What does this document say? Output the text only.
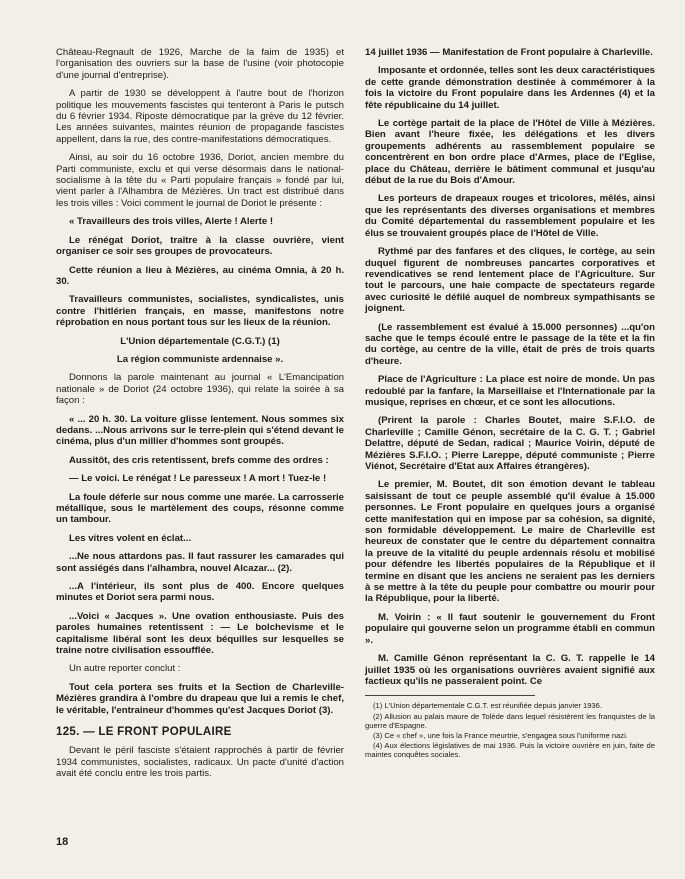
Château-Regnault de 1926, Marche de la faim de 1935) et l'organisation des ouvriers sur la base de l'usine (voir photocopie d'une journal d'entreprise).

A partir de 1930 se développent à l'autre bout de l'horizon politique les mouvements fascistes qui tenteront à Paris le putsch du 6 février 1934. Riposte démocratique par la grève du 12 février. Les années suivantes, maintes réunion de propagande fascistes appellent, dans la rue, des contre-manifestations démocratiques.

Ainsi, au soir du 16 octobre 1936, Doriot, ancien membre du Parti communiste, exclu et qui verse désormais dans le national-socialisme à la tête du « Parti populaire français » fondé par lui, vient parler à l'Alhambra de Mézières. Un tract est distribué dans les trois villes : Voici comment le journal de Doriot le présente :

« Travailleurs des trois villes, Alerte ! Alerte !

Le rénégat Doriot, traître à la classe ouvrière, vient organiser ce soir ses groupes de provocateurs.

Cette réunion a lieu à Mézières, au cinéma Omnia, à 20 h. 30.

Travailleurs communistes, socialistes, syndicalistes, unis contre l'hitlérien français, en masse, manifestons notre réprobation en nous portant tous sur les lieux de la réunion.

L'Union départementale (C.G.T.) (1)

La région communiste ardennaise ».

Donnons la parole maintenant au journal « L'Emancipation nationale » de Doriot (24 octobre 1936), qui relate la soirée à sa façon :

« ... 20 h. 30. La voiture glisse lentement. Nous sommes six dedans. ...Nous arrivons sur le terre-plein qui s'étend devant le cinéma, plus d'un millier d'hommes sont groupés.

Aussitôt, des cris retentissent, brefs comme des ordres :

— Le voici. Le rénégat ! Le paresseux ! A mort ! Tuez-le !

La foule déferle sur nous comme une marée. La carrosserie métallique, sous le martèlement des coups, résonne comme un tambour.

Les vitres volent en éclat...

...Ne nous attardons pas. Il faut rassurer les camarades qui sont assiégés dans l'alhambra, nouvel Alcazar... (2).

...A l'intérieur, ils sont plus de 400. Encore quelques minutes et Doriot sera parmi nous.

...Voici « Jacques ». Une ovation enthousiaste. Puis des paroles humaines retentissent : — Le bolchevisme et le capitalisme libéral sont les deux béquilles sur lesquelles se traine notre civilisation essoufflée.

Un autre reporter conclut :

Tout cela portera ses fruits et la Section de Charleville-Mézières grandira à l'ombre du drapeau que lui a remis le chef, le véritable, l'entraineur d'hommes qu'est Jacques Doriot (3).

125. — LE FRONT POPULAIRE

Devant le péril fasciste s'étaient rapprochés à partir de février 1934 communistes, socialistes, radicaux. Un pacte d'unité d'action avait été conclu entre les trois partis.

14 juillet 1936 — Manifestation de Front populaire à Charleville.

Imposante et ordonnée, telles sont les deux caractéristiques de cette grande démonstration destinée à commémorer à la fois la victoire du Front populaire dans les Ardennes (4) et la fête républicaine du 14 juillet.

Le cortège partait de la place de l'Hôtel de Ville à Mézières. Bien avant l'heure fixée, les délégations et les divers groupements adhérents au rassemblement populaire se concentrèrent en bon ordre place d'Armes, place de l'Eglise, place du Château, derrière le bâtiment communal et jusqu'au début de la rue du Bois d'Amour.

Les porteurs de drapeaux rouges et tricolores, mêlés, ainsi que les représentants des diverses organisations et membres du Comité départemental du rassemblement populaire et les élus se trouvaient groupés place de l'Hôtel de Ville.

Rythmé par des fanfares et des cliques, le cortège, au sein duquel figurent de nombreuses pancartes corporatives et revendicatives se rend lentement place de l'Agriculture. Sur tout le parcours, une haie compacte de spectateurs regarde avec curiosité le défilé auquel de nombreux sympathisants se joignent.

(Le rassemblement est évalué à 15.000 personnes) ...qu'on sache que le temps écoulé entre le passage de la tête et la fin du cortège, au centre de la ville, était de près de trois quarts d'heure.

Place de l'Agriculture : La place est noire de monde. Un pas redoublé par la fanfare, la Marseillaise et l'Internationale par la musique, reprises en chœur, et ce sont les allocutions.

(Prirent la parole : Charles Boutet, maire S.F.I.O. de Charleville ; Camille Génon, secrétaire de la C. G. T. ; Gabriel Delattre, député de Sedan, radical ; Maurice Voirin, député de Mézières S.F.I.O. ; Pierre Lareppe, député communiste ; Pierre Viénot, Secrétaire d'Etat aux Affaires étrangères).

Le premier, M. Boutet, dit son émotion devant le tableau saisissant de tout ce peuple assemblé qu'il évalue à 15.000 personnes. Le Front populaire en quelques jours a organisé cette manifestation qui en impose par sa cohésion, sa dignité, son formidable développement. Le maire de Charleville est heureux de constater que le centre du département connaitra la preuve de la vitalité du peuple ardennais résolu et mobilisé pour défendre les libertés populaires de la République et il termine en disant que les anciens ne seraient pas les derniers à se mettre à la tête du peuple pour combattre ou mourir pour la République, pour la liberté.

M. Voirin : « Il faut soutenir le gouvernement du Front populaire qui gouverne selon un programme établi en commun ».

M. Camille Génon représentant la C. G. T. rappelle le 14 juillet 1935 où les organisations ouvrières avaient signifié aux factieux qu'ils ne passeraient point. Ce

(1) L'Union départementale C.G.T. est réunifiée depuis janvier 1936.

(2) Allusion au palais maure de Tolède dans lequel résistèrent les franquistes de la guerre d'Espagne.

(3) Ce « chef », une fois la France meurtrie, s'engagea sous l'uniforme nazi.

(4) Aux élections législatives de mai 1936. Puis la victoire ouvrière en juin, faite de maintes conquêtes sociales.

18
